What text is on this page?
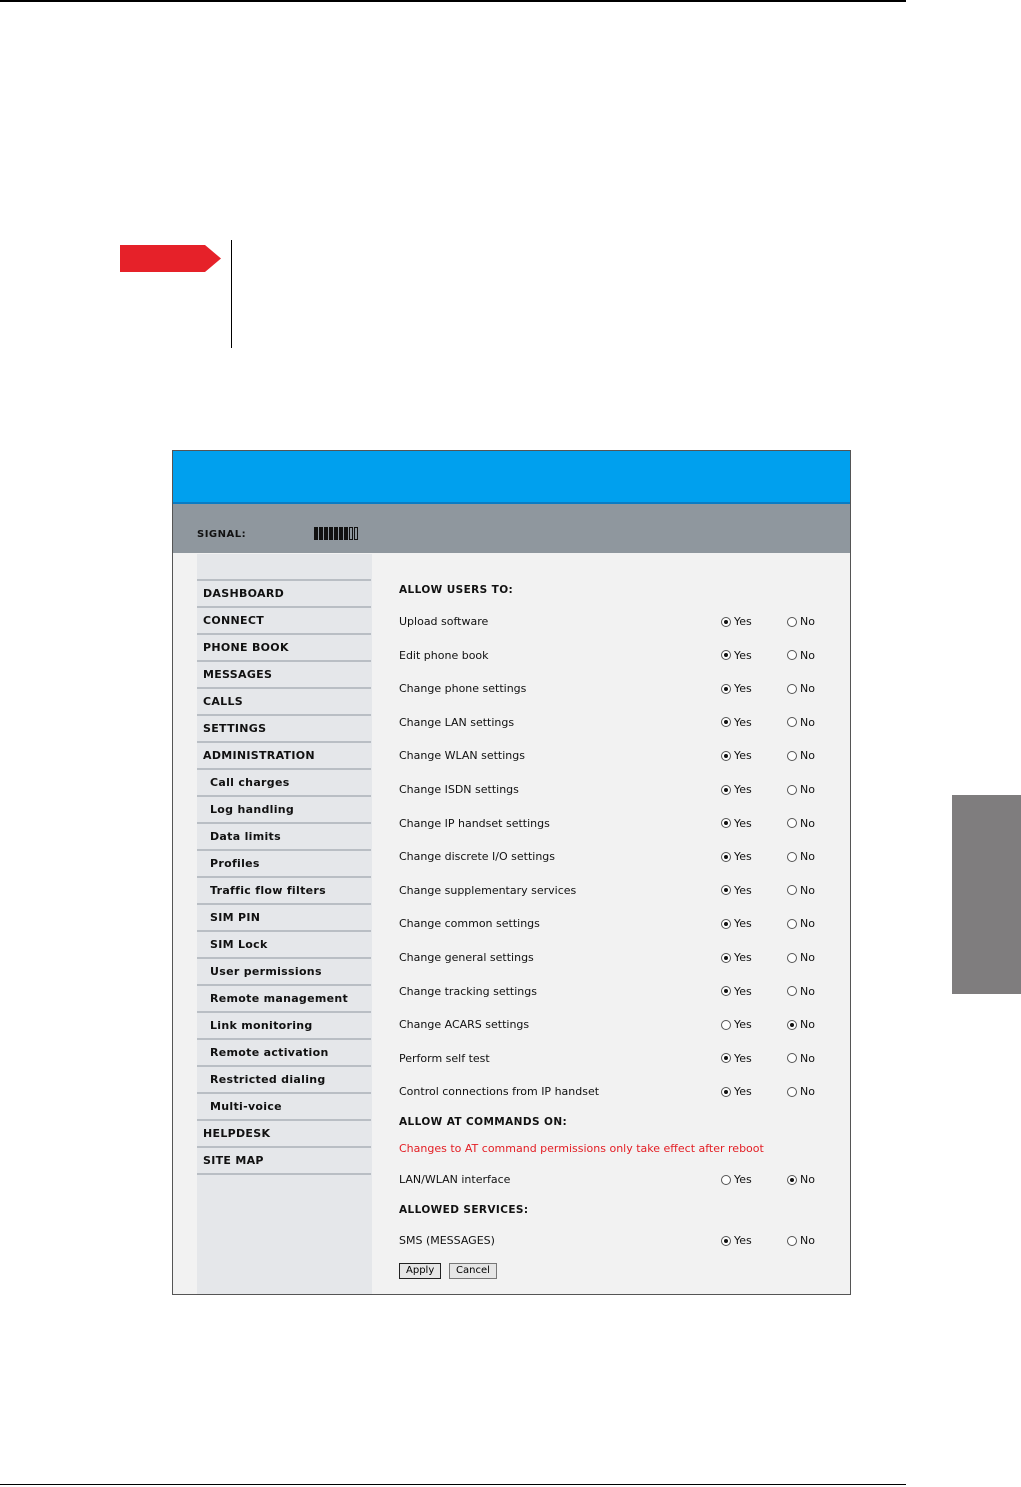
SIGNAL:
DASHBOARD
CONNECT
PHONE BOOK
MESSAGES
CALLS
SETTINGS
ADMINISTRATION
Call charges
Log handling
Data limits
Profiles
Traffic flow filters
SIM PIN
SIM Lock
User permissions
Remote management
Link monitoring
Remote activation
Restricted dialing
Multi-voice
HELPDESK
SITE MAP
ALLOW USERS TO:
Upload software	Yes	No
Edit phone book	Yes	No
Change phone settings	Yes	No
Change LAN settings	Yes	No
Change WLAN settings	Yes	No
Change ISDN settings	Yes	No
Change IP handset settings	Yes	No
Change discrete I/O settings	Yes	No
Change supplementary services	Yes	No
Change common settings	Yes	No
Change general settings	Yes	No
Change tracking settings	Yes	No
Change ACARS settings	Yes	No
Perform self test	Yes	No
Control connections from IP handset	Yes	No
ALLOW AT COMMANDS ON:
Changes to AT command permissions only take effect after reboot
LAN/WLAN interface	Yes	No
ALLOWED SERVICES:
SMS (MESSAGES)	Yes	No
Apply	Cancel
